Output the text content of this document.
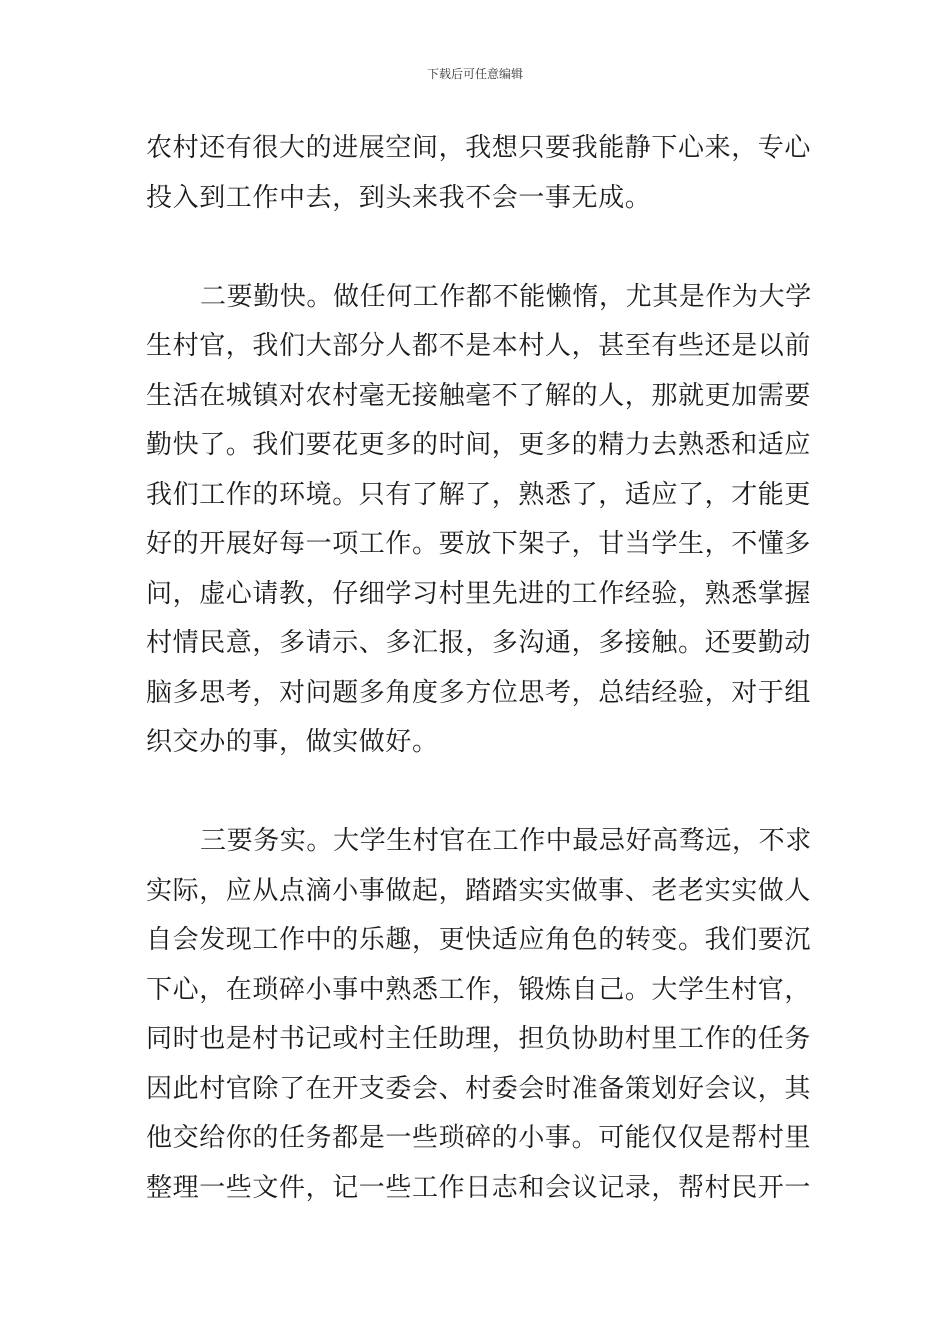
下载后可任意编辑
农村还有很大的进展空间，我想只要我能静下心来，专心
投入到工作中去，到头来我不会一事无成。
二要勤快。做任何工作都不能懒惰，尤其是作为大学
生村官，我们大部分人都不是本村人，甚至有些还是以前
生活在城镇对农村毫无接触毫不了解的人，那就更加需要
勤快了。我们要花更多的时间，更多的精力去熟悉和适应
我们工作的环境。只有了解了，熟悉了，适应了，才能更
好的开展好每一项工作。要放下架子，甘当学生，不懂多
问，虚心请教，仔细学习村里先进的工作经验，熟悉掌握
村情民意，多请示、多汇报，多沟通，多接触。还要勤动
脑多思考，对问题多角度多方位思考，总结经验，对于组
织交办的事，做实做好。
三要务实。大学生村官在工作中最忌好高骛远，不求
实际，应从点滴小事做起，踏踏实实做事、老老实实做人
自会发现工作中的乐趣，更快适应角色的转变。我们要沉
下心，在琐碎小事中熟悉工作，锻炼自己。大学生村官，
同时也是村书记或村主任助理，担负协助村里工作的任务
因此村官除了在开支委会、村委会时准备策划好会议，其
他交给你的任务都是一些琐碎的小事。可能仅仅是帮村里
整理一些文件，记一些工作日志和会议记录，帮村民开一
